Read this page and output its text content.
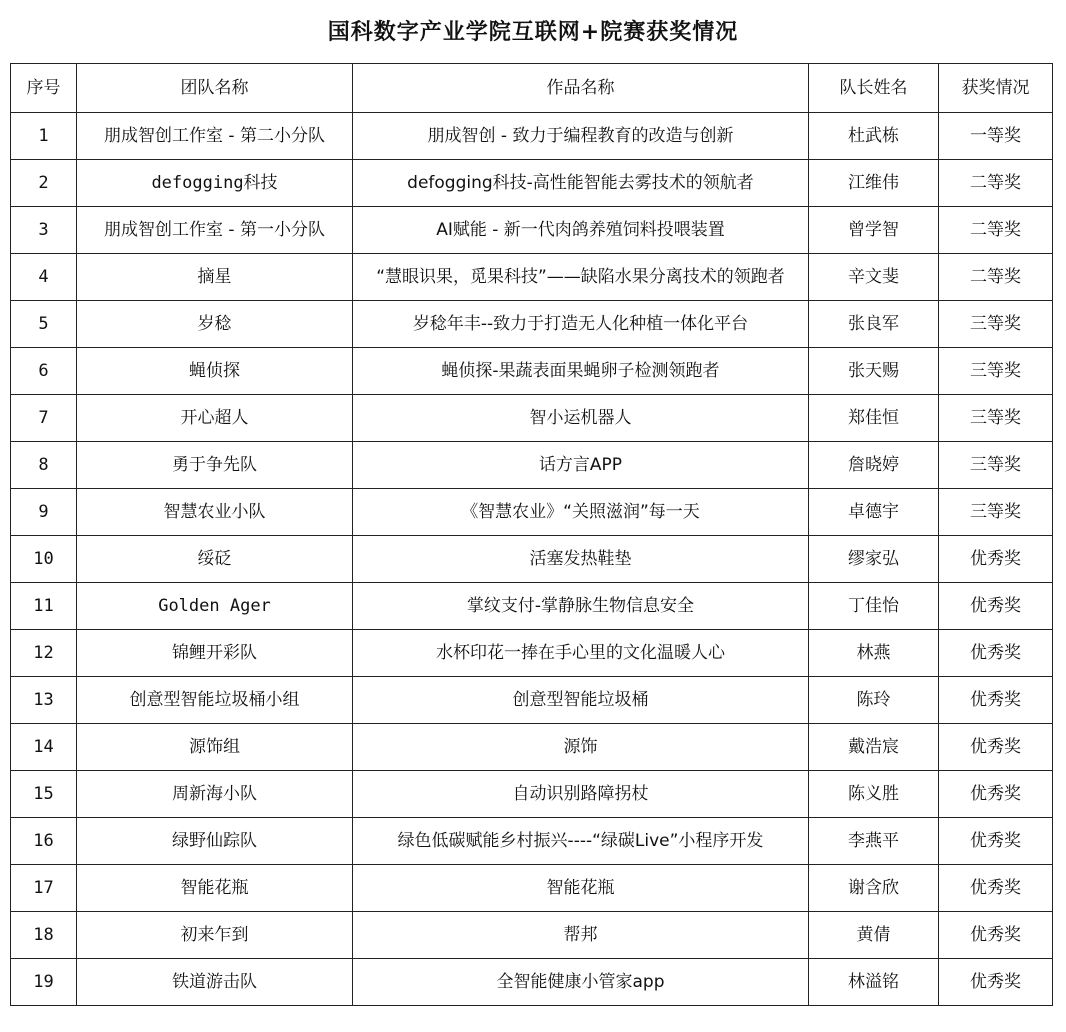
国科数字产业学院互联网+院赛获奖情况
序号	团队名称	作品名称	队长姓名	获奖情况
1	朋成智创工作室 - 第二小分队	朋成智创 - 致力于编程教育的改造与创新	杜武栋	一等奖
2	defogging科技	defogging科技-高性能智能去雾技术的领航者	江维伟	二等奖
3	朋成智创工作室 - 第一小分队	AI赋能 - 新一代肉鸽养殖饲料投喂装置	曾学智	二等奖
4	摘星	“慧眼识果，觅果科技”——缺陷水果分离技术的领跑者	辛文斐	二等奖
5	岁稔	岁稔年丰--致力于打造无人化种植一体化平台	张良军	三等奖
6	蝇侦探	蝇侦探-果蔬表面果蝇卵子检测领跑者	张天赐	三等奖
7	开心超人	智小运机器人	郑佳恒	三等奖
8	勇于争先队	话方言APP	詹晓婷	三等奖
9	智慧农业小队	《智慧农业》“关照滋润”每一天	卓德宇	三等奖
10	绥砭	活塞发热鞋垫	缪家弘	优秀奖
11	Golden Ager	掌纹支付-掌静脉生物信息安全	丁佳怡	优秀奖
12	锦鲤开彩队	水杯印花一捧在手心里的文化温暖人心	林燕	优秀奖
13	创意型智能垃圾桶小组	创意型智能垃圾桶	陈玲	优秀奖
14	源饰组	源饰	戴浩宸	优秀奖
15	周新海小队	自动识别路障拐杖	陈义胜	优秀奖
16	绿野仙踪队	绿色低碳赋能乡村振兴----“绿碳Live”小程序开发	李燕平	优秀奖
17	智能花瓶	智能花瓶	谢含欣	优秀奖
18	初来乍到	帮邦	黄倩	优秀奖
19	铁道游击队	全智能健康小管家app	林溢铭	优秀奖
